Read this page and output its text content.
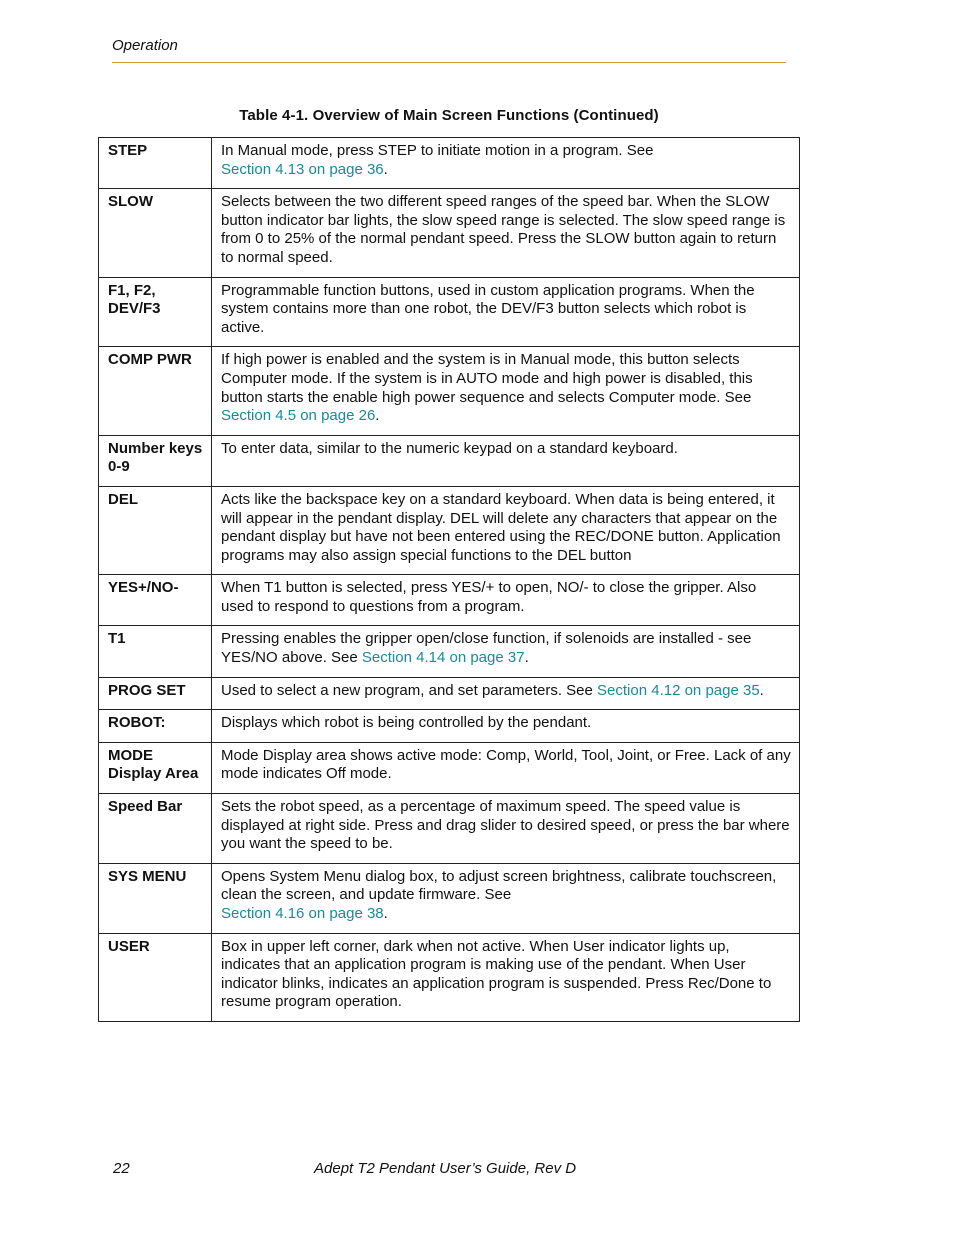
Operation
Table 4-1. Overview of Main Screen Functions (Continued)
STEP	In Manual mode, press STEP to initiate motion in a program. See
Section 4.13 on page 36.
SLOW	Selects between the two different speed ranges of the speed bar. When the SLOW button indicator bar lights, the slow speed range is selected. The slow speed range is from 0 to 25% of the normal pendant speed. Press the SLOW button again to return to normal speed.
F1, F2, DEV/F3	Programmable function buttons, used in custom application programs. When the system contains more than one robot, the DEV/F3 button selects which robot is active.
COMP PWR	If high power is enabled and the system is in Manual mode, this button selects Computer mode. If the system is in AUTO mode and high power is disabled, this button starts the enable high power sequence and selects Computer mode. See
Section 4.5 on page 26.
Number keys 0-9	To enter data, similar to the numeric keypad on a standard keyboard.
DEL	Acts like the backspace key on a standard keyboard. When data is being entered, it will appear in the pendant display. DEL will delete any characters that appear on the pendant display but have not been entered using the REC/DONE button. Application programs may also assign special functions to the DEL button
YES+/NO-	When T1 button is selected, press YES/+ to open, NO/- to close the gripper. Also used to respond to questions from a program.
T1	Pressing enables the gripper open/close function, if solenoids are installed - see YES/NO above. See Section 4.14 on page 37.
PROG SET	Used to select a new program, and set parameters. See Section 4.12 on page 35.
ROBOT:	Displays which robot is being controlled by the pendant.
MODE Display Area	Mode Display area shows active mode: Comp, World, Tool, Joint, or Free. Lack of any mode indicates Off mode.
Speed Bar	Sets the robot speed, as a percentage of maximum speed. The speed value is displayed at right side. Press and drag slider to desired speed, or press the bar where you want the speed to be.
SYS MENU	Opens System Menu dialog box, to adjust screen brightness, calibrate touchscreen, clean the screen, and update firmware. See
Section 4.16 on page 38.
USER	Box in upper left corner, dark when not active. When User indicator lights up, indicates that an application program is making use of the pendant. When User indicator blinks, indicates an application program is suspended. Press Rec/Done to resume program operation.
22	Adept T2 Pendant User’s Guide, Rev D
